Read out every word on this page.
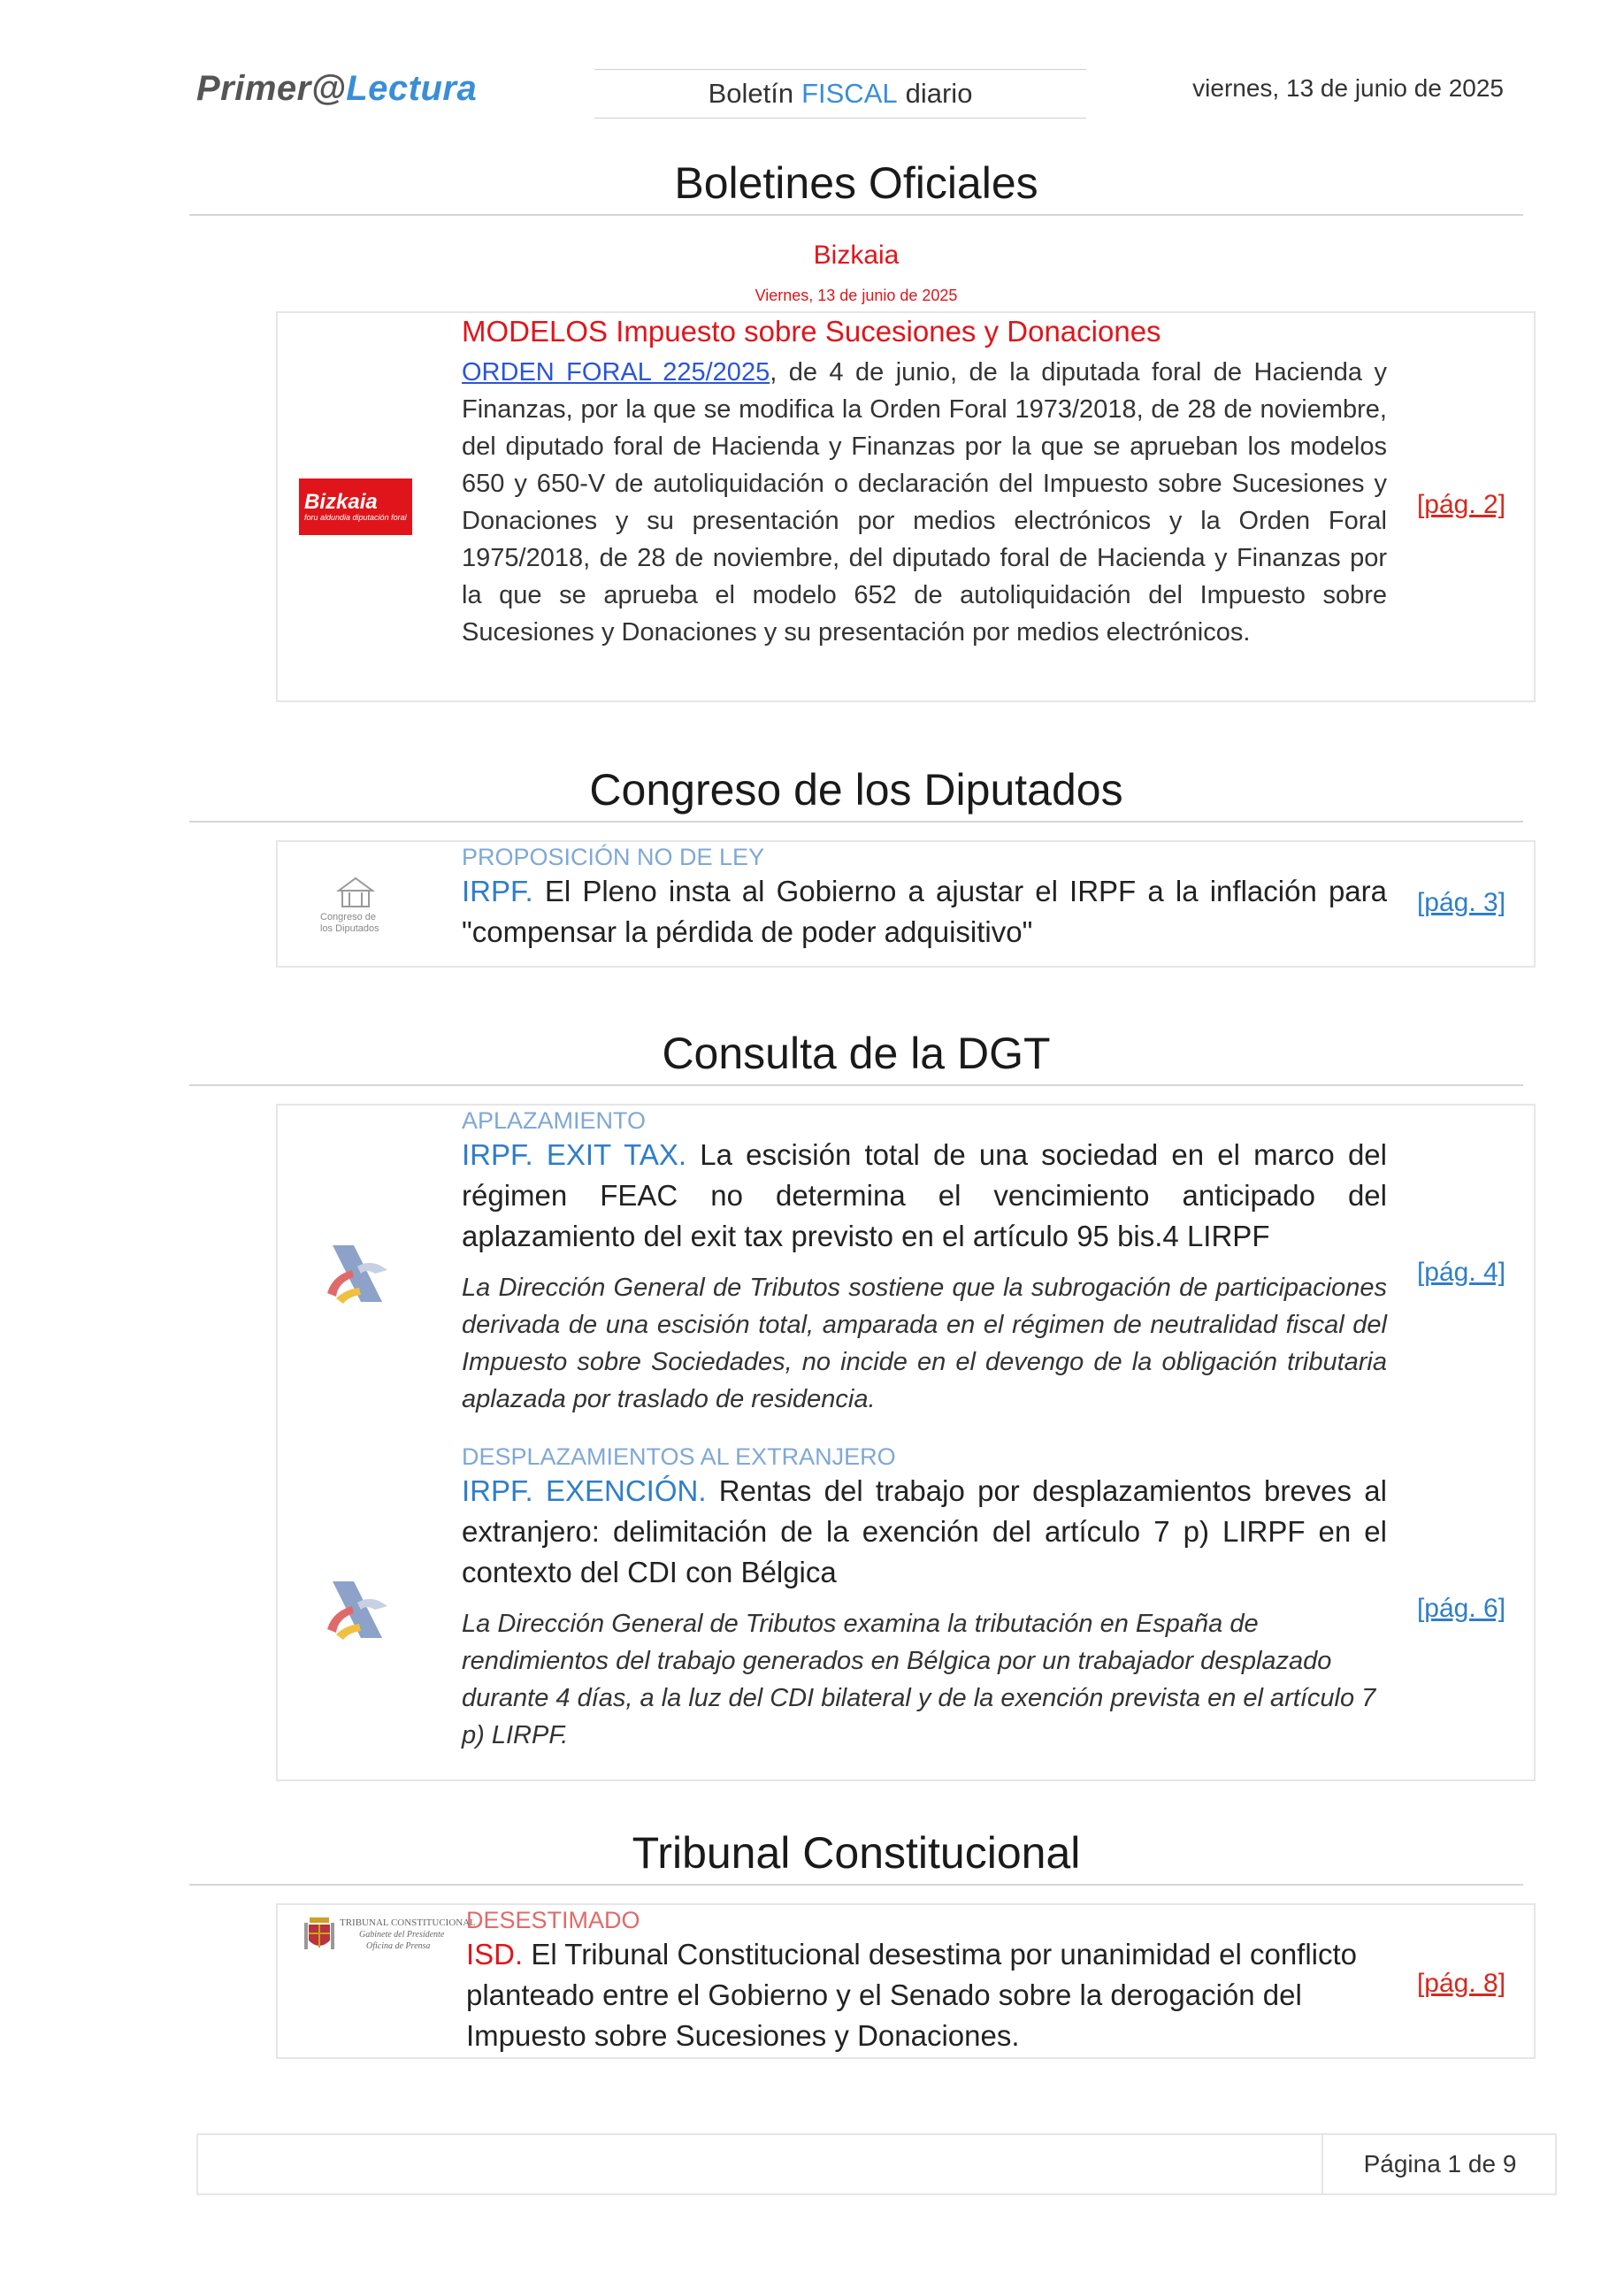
Primer@Lectura	Boletín FISCAL diario	viernes, 13 de junio de 2025
Boletines Oficiales
Bizkaia
Viernes, 13 de junio de 2025
Bizkaia
foru aldundia diputación foral
MODELOS Impuesto sobre Sucesiones y Donaciones
ORDEN FORAL 225/2025, de 4 de junio, de la diputada foral de Hacienda y Finanzas, por la que se modifica la Orden Foral 1973/2018, de 28 de noviembre, del diputado foral de Hacienda y Finanzas por la que se aprueban los modelos 650 y 650-V de autoliquidación o declaración del Impuesto sobre Sucesiones y Donaciones y su presentación por medios electrónicos y la Orden Foral 1975/2018, de 28 de noviembre, del diputado foral de Hacienda y Finanzas por la que se aprueba el modelo 652 de autoliquidación del Impuesto sobre Sucesiones y Donaciones y su presentación por medios electrónicos.
[pág. 2]
Congreso de los Diputados
Congreso de los Diputados
PROPOSICIÓN NO DE LEY
IRPF. El Pleno insta al Gobierno a ajustar el IRPF a la inflación para "compensar la pérdida de poder adquisitivo"
[pág. 3]
Consulta de la DGT
APLAZAMIENTO
IRPF. EXIT TAX. La escisión total de una sociedad en el marco del régimen FEAC no determina el vencimiento anticipado del aplazamiento del exit tax previsto en el artículo 95 bis.4 LIRPF
La Dirección General de Tributos sostiene que la subrogación de participaciones derivada de una escisión total, amparada en el régimen de neutralidad fiscal del Impuesto sobre Sociedades, no incide en el devengo de la obligación tributaria aplazada por traslado de residencia.
[pág. 4]
DESPLAZAMIENTOS AL EXTRANJERO
IRPF. EXENCIÓN. Rentas del trabajo por desplazamientos breves al extranjero: delimitación de la exención del artículo 7 p) LIRPF en el contexto del CDI con Bélgica
La Dirección General de Tributos examina la tributación en España de rendimientos del trabajo generados en Bélgica por un trabajador desplazado durante 4 días, a la luz del CDI bilateral y de la exención prevista en el artículo 7 p) LIRPF.
[pág. 6]
Tribunal Constitucional
TRIBUNAL CONSTITUCIONAL
Gabinete del Presidente
Oficina de Prensa
DESESTIMADO
ISD. El Tribunal Constitucional desestima por unanimidad el conflicto planteado entre el Gobierno y el Senado sobre la derogación del Impuesto sobre Sucesiones y Donaciones.
[pág. 8]
Página 1 de 9
